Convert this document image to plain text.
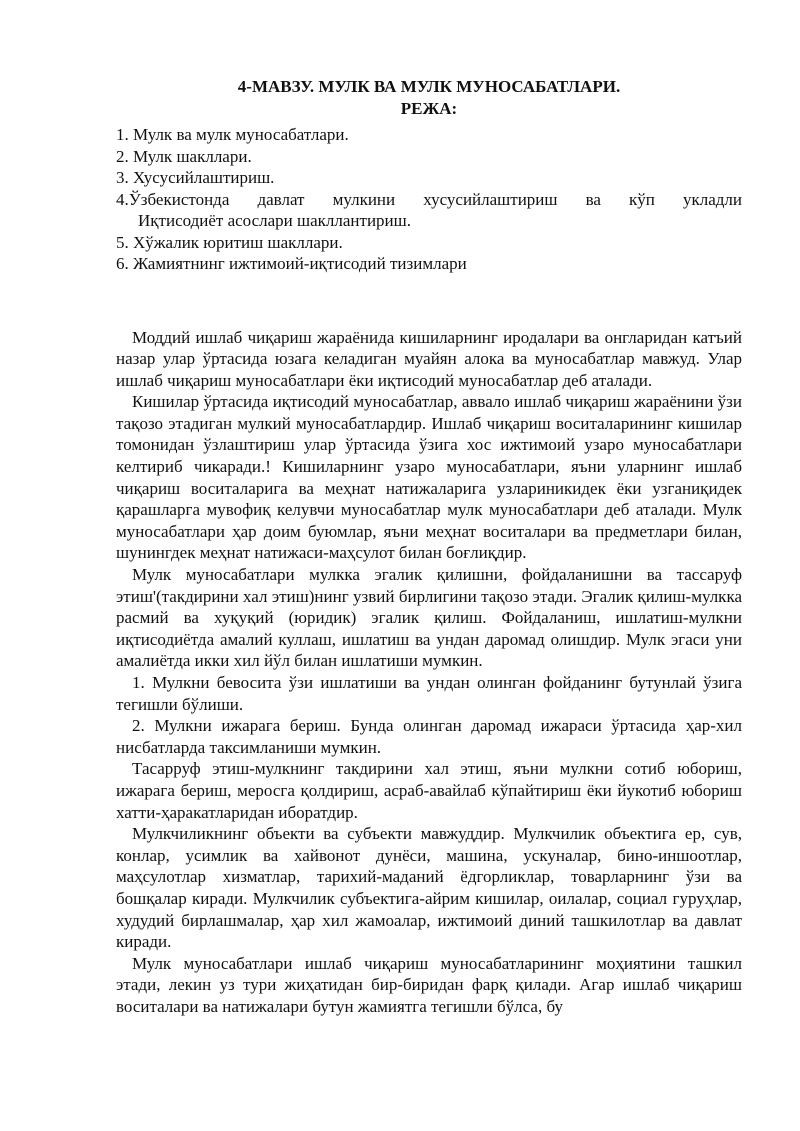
4-МАВЗУ. МУЛК ВА МУЛК МУНОСАБАТЛАРИ.

РЕЖА:

1. Мулк ва мулк муносабатлари.

2. Мулк шакллари.

3. Хусусийлаштириш.

4.Ўзбекистонда давлат мулкини хусусийлаштириш ва кўп укладли

Иқтисодиёт асослари шакллантириш.

5. Хўжалик юритиш шакллари.

6. Жамиятнинг ижтимоий-иқтисодий тизимлари

Моддий ишлаб чиқариш жараёнида кишиларнинг иродалари ва онгларидан катъий назар улар ўртасида юзага келадиган муайян алока ва муносабатлар мавжуд. Улар ишлаб чиқариш муносабатлари ёки иқтисодий муносабатлар деб аталади.

Кишилар ўртасида иқтисодий муносабатлар, аввало ишлаб чиқариш жараёнини ўзи тақозо этадиган мулкий муносабатлардир. Ишлаб чиқариш воситаларининг кишилар томонидан ўзлаштириш улар ўртасида ўзига хос ижтимоий узаро муносабатлари келтириб чикаради.! Кишиларнинг узаро муносабатлари, яъни уларнинг ишлаб чиқариш воситаларига ва меҳнат натижаларига узлариникидек ёки узганиқидек қарашларга мувофиқ келувчи муносабатлар мулк муносабатлари деб аталади. Мулк муносабатлари ҳар доим буюмлар, яъни меҳнат воситалари ва предметлари билан, шунингдек меҳнат натижаси-маҳсулот билан боғлиқдир.

Мулк муносабатлари мулкка эгалик қилишни, фойдаланишни ва тассаруф этиш'(такдирини хал этиш)нинг узвий бирлигини тақозо этади. Эгалик қилиш-мулкка расмий ва хуқуқий (юридик) эгалик қилиш. Фойдаланиш, ишлатиш-мулкни иқтисодиётда амалий куллаш, ишлатиш ва ундан даромад олишдир. Мулк эгаси уни амалиётда икки хил йўл билан ишлатиши мумкин.

1. Мулкни бевосита ўзи ишлатиши ва ундан олинган фойданинг бутунлай ўзига тегишли бўлиши.

2. Мулкни ижарага бериш. Бунда олинган даромад ижараси ўртасида ҳар-хил нисбатларда таксимланиши мумкин.

Тасарруф этиш-мулкнинг такдирини хал этиш, яъни мулкни сотиб юбориш, ижарага бериш, меросга қолдириш, асраб-авайлаб кўпайтириш ёки йукотиб юбориш хатти-ҳаракатларидан иборатдир.

Мулкчиликнинг объекти ва субъекти мавжуддир. Мулкчилик объектига ер, сув, конлар, усимлик ва хайвонот дунёси, машина, ускуналар, бино-иншоотлар, маҳсулотлар хизматлар, тарихий-маданий ёдгорликлар, товарларнинг ўзи ва бошқалар киради. Мулкчилик субъектига-айрим кишилар, оилалар, социал гуруҳлар, худудий бирлашмалар, ҳар хил жамоалар, ижтимоий диний ташкилотлар ва давлат киради.

Мулк муносабатлари ишлаб чиқариш муносабатларининг моҳиятини ташкил этади, лекин уз тури жиҳатидан бир-биридан фарқ қилади. Агар ишлаб чиқариш воситалари ва натижалари бутун жамиятга тегишли бўлса, бу
